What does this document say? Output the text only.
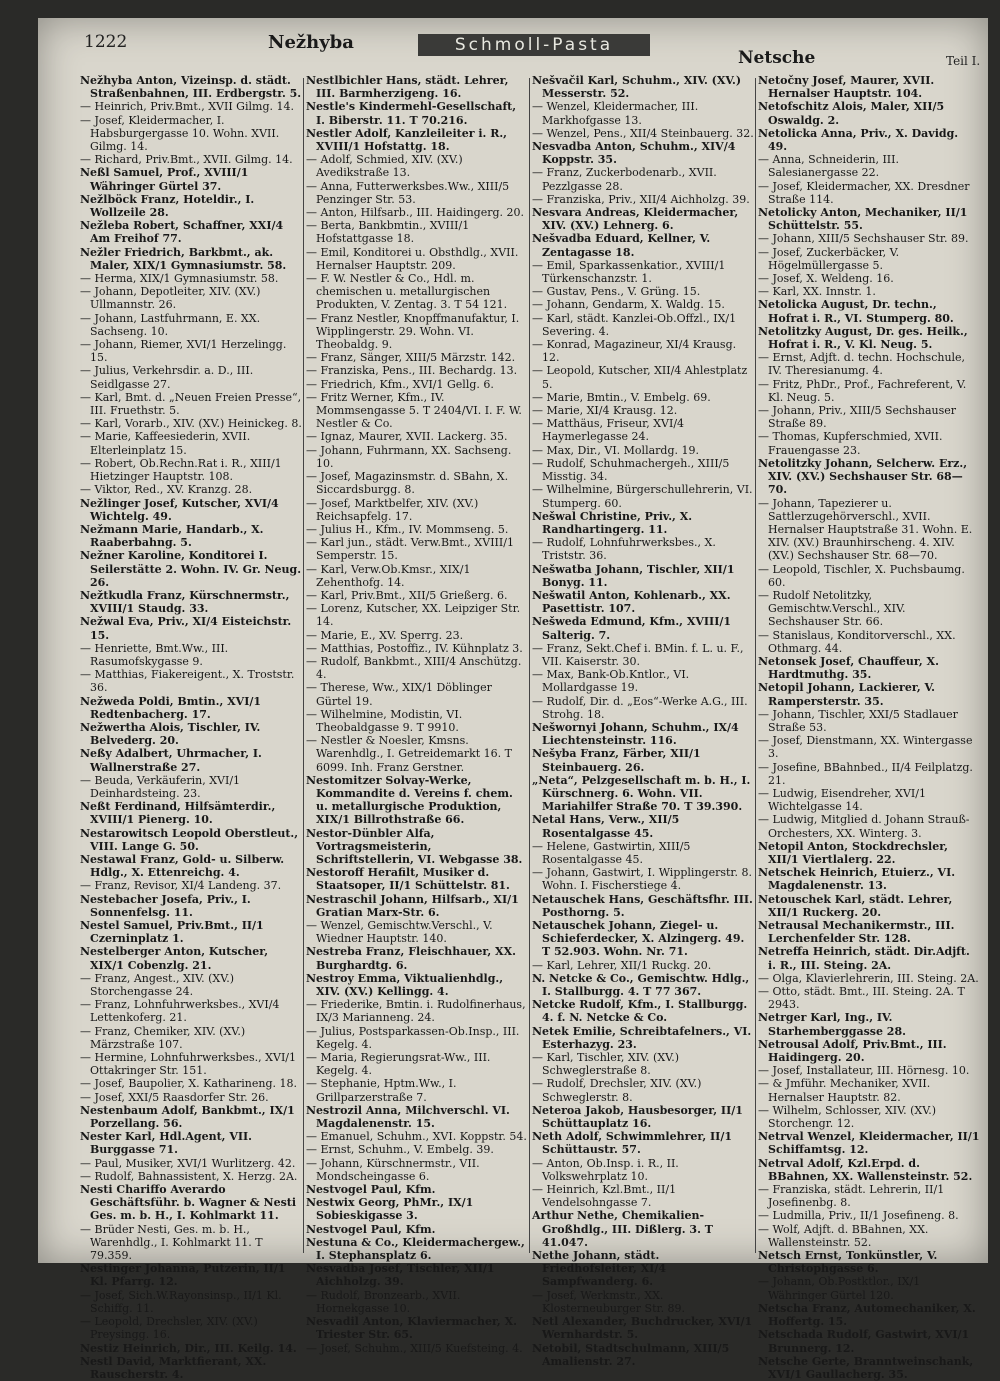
1222	Nežhyba	Schmoll-Pasta
Netsche	Teil I.

Nežhyba Anton, Vizeinsp. d. städt. Straßenbahnen, III. Erdbergstr. 5.

— Heinrich, Priv.Bmt., XVII Gilmg. 14.

— Josef, Kleidermacher, I. Habsburgergasse 10. Wohn. XVII. Gilmg. 14.

— Richard, Priv.Bmt., XVII. Gilmg. 14.

Neßl Samuel, Prof., XVIII/1 Währinger Gürtel 37.

Nežlböck Franz, Hoteldir., I. Wollzeile 28.

Nežleba Robert, Schaffner, XXI/4 Am Freihof 77.

Nežler Friedrich, Barkbmt., ak. Maler, XIX/1 Gymnasiumstr. 58.

— Herma, XIX/1 Gymnasiumstr. 58.

— Johann, Depotleiter, XIV. (XV.) Ullmannstr. 26.

— Johann, Lastfuhrmann, E. XX. Sachseng. 10.

— Johann, Riemer, XVI/1 Herzelingg. 15.

— Julius, Verkehrsdir. a. D., III. Seidlgasse 27.

— Karl, Bmt. d. „Neuen Freien Presse“, III. Fruethstr. 5.

— Karl, Vorarb., XIV. (XV.) Heinickeg. 8.

— Marie, Kaffeesiederin, XVII. Elterleinplatz 15.

— Robert, Ob.Rechn.Rat i. R., XIII/1 Hietzinger Hauptstr. 108.

— Viktor, Red., XV. Kranzg. 28.

Nežlinger Josef, Kutscher, XVI/4 Wichtelg. 49.

Nežmann Marie, Handarb., X. Raaberbahng. 5.

Nežner Karoline, Konditorei I. Seilerstätte 2. Wohn. IV. Gr. Neug. 26.

Nežtkudla Franz, Kürschnermstr., XVIII/1 Staudg. 33.

Nežwal Eva, Priv., XI/4 Eisteichstr. 15.

— Henriette, Bmt.Ww., III. Rasumofskygasse 9.

— Matthias, Fiakereigent., X. Troststr. 36.

Nežweda Poldi, Bmtin., XVI/1 Redtenbacherg. 17.

Nežwertha Alois, Tischler, IV. Belvederg. 20.

Neßy Adalbert, Uhrmacher, I. Wallnerstraße 27.

— Beuda, Verkäuferin, XVI/1 Deinhardsteing. 23.

Neßt Ferdinand, Hilfsämterdir., XVIII/1 Pienerg. 10.

Nestarowitsch Leopold Oberstleut., VIII. Lange G. 50.

Nestawal Franz, Gold- u. Silberw. Hdlg., X. Ettenreichg. 4.

— Franz, Revisor, XI/4 Landeng. 37.

Nestebacher Josefa, Priv., I. Sonnenfelsg. 11.

Nestel Samuel, Priv.Bmt., II/1 Czerninplatz 1.

Nestelberger Anton, Kutscher, XIX/1 Cobenzlg. 21.

— Franz, Angest., XIV. (XV.) Storchengasse 24.

— Franz, Lohnfuhrwerksbes., XVI/4 Lettenkoferg. 21.

— Franz, Chemiker, XIV. (XV.) Märzstraße 107.

— Hermine, Lohnfuhrwerksbes., XVI/1 Ottakringer Str. 151.

— Josef, Baupolier, X. Katharineng. 18.

— Josef, XXI/5 Raasdorfer Str. 26.

Nestenbaum Adolf, Bankbmt., IX/1 Porzellang. 56.

Nester Karl, Hdl.Agent, VII. Burggasse 71.

— Paul, Musiker, XVI/1 Wurlitzerg. 42.

— Rudolf, Bahnassistent, X. Herzg. 2A.

Nesti Chariffo Averardo Geschäftsführ. b. Wagner & Nesti Ges. m. b. H., I. Kohlmarkt 11.

— Brüder Nesti, Ges. m. b. H., Warenhdlg., I. Kohlmarkt 11. T 79.359.

Nestinger Johanna, Putzerin, II/1 Kl. Pfarrg. 12.

— Josef, Sich.W.Rayonsinsp., II/1 Kl. Schiffg. 11.

— Leopold, Drechsler, XIV. (XV.) Preysingg. 16.

Nestiz Heinrich, Dir., III. Keilg. 14.

Nestl David, Marktfierant, XX. Rauscherstr. 4.

Nestlbichler Hans, städt. Lehrer, III. Barmherzigeng. 16.

Nestle's Kindermehl-Gesellschaft, I. Biberstr. 11. T 70.216.

Nestler Adolf, Kanzleileiter i. R., XVIII/1 Hofstattg. 18.

— Adolf, Schmied, XIV. (XV.) Avedikstraße 13.

— Anna, Futterwerksbes.Ww., XIII/5 Penzinger Str. 53.

— Anton, Hilfsarb., III. Haidingerg. 20.

— Berta, Bankbmtin., XVIII/1 Hofstattgasse 18.

— Emil, Konditorei u. Obsthdlg., XVII. Hernalser Hauptstr. 209.

— F. W. Nestler & Co., Hdl. m. chemischen u. metallurgischen Produkten, V. Zentag. 3. T 54 121.

— Franz Nestler, Knopffmanufaktur, I. Wipplingerstr. 29. Wohn. VI. Theobaldg. 9.

— Franz, Sänger, XIII/5 Märzstr. 142.

— Franziska, Pens., III. Bechardg. 13.

— Friedrich, Kfm., XVI/1 Gellg. 6.

— Fritz Werner, Kfm., IV. Mommsengasse 5. T 2404/VI. I. F. W. Nestler & Co.

— Ignaz, Maurer, XVII. Lackerg. 35.

— Johann, Fuhrmann, XX. Sachseng. 10.

— Josef, Magazinsmstr. d. SBahn, X. Siccardsburgg. 8.

— Josef, Marktbelfer, XIV. (XV.) Reichsapfelg. 17.

— Julius H., Kfm., IV. Mommseng. 5.

— Karl jun., städt. Verw.Bmt., XVIII/1 Semperstr. 15.

— Karl, Verw.Ob.Kmsr., XIX/1 Zehenthofg. 14.

— Karl, Priv.Bmt., XII/5 Grießerg. 6.

— Lorenz, Kutscher, XX. Leipziger Str. 14.

— Marie, E., XV. Sperrg. 23.

— Matthias, Postoffiz., IV. Kühnplatz 3.

— Rudolf, Bankbmt., XIII/4 Anschützg. 4.

— Therese, Ww., XIX/1 Döblinger Gürtel 19.

— Wilhelmine, Modistin, VI. Theobaldgasse 9. T 9910.

— Nestler & Noesler, Kmsns. Warenhdlg., I. Getreidemarkt 16. T 6099. Inh. Franz Gerstner.

Nestomitzer Solvay-Werke, Kommandite d. Vereins f. chem. u. metallurgische Produktion, XIX/1 Billrothstraße 66.

Nestor-Dünbler Alfa, Vortragsmeisterin, Schriftstellerin, VI. Webgasse 38.

Nestoroff Herafilt, Musiker d. Staatsoper, II/1 Schüttelstr. 81.

Nestraschil Johann, Hilfsarb., XI/1 Gratian Marx-Str. 6.

— Wenzel, Gemischtw.Verschl., V. Wiedner Hauptstr. 140.

Nestreba Franz, Fleischhauer, XX. Burghardtg. 6.

Nestroy Emma, Viktualienhdlg., XIV. (XV.) Kellingg. 4.

— Friederike, Bmtin. i. Rudolfinerhaus, IX/3 Marianneng. 24.

— Julius, Postsparkassen-Ob.Insp., III. Kegelg. 4.

— Maria, Regierungsrat-Ww., III. Kegelg. 4.

— Stephanie, Hptm.Ww., I. Grillparzerstraße 7.

Nestrozil Anna, Milchverschl. VI. Magdalenenstr. 15.

— Emanuel, Schuhm., XVI. Koppstr. 54.

— Ernst, Schuhm., V. Embelg. 39.

— Johann, Kürschnermstr., VII. Mondscheingasse 6.

Nestvogel Paul, Kfm.

Nestwix Georg, PhMr., IX/1 Sobieskigasse 3.

Nestvogel Paul, Kfm.

Nestuna & Co., Kleidermachergew., I. Stephansplatz 6.

Nesvadba Josef, Tischler, XII/1 Aichholzg. 39.

— Rudolf, Bronzearb., XVII. Hornekgasse 10.

Nesvadil Anton, Klaviermacher, X. Triester Str. 65.

— Josef, Schuhm., XIII/5 Kuefsteing. 4.

Nešvačil Karl, Schuhm., XIV. (XV.) Messerstr. 52.

— Wenzel, Kleidermacher, III. Markhofgasse 13.

— Wenzel, Pens., XII/4 Steinbauerg. 32.

Nesvadba Anton, Schuhm., XIV/4 Koppstr. 35.

— Franz, Zuckerbodenarb., XVII. Pezzlgasse 28.

— Franziska, Priv., XII/4 Aichholzg. 39.

Nesvara Andreas, Kleidermacher, XIV. (XV.) Lehnerg. 6.

Nešvadba Eduard, Kellner, V. Zentagasse 18.

— Emil, Sparkassenkatior., XVIII/1 Türkenschanzstr. 1.

— Gustav, Pens., V. Grüng. 15.

— Johann, Gendarm, X. Waldg. 15.

— Karl, städt. Kanzlei-Ob.Offzl., IX/1 Severing. 4.

— Konrad, Magazineur, XI/4 Krausg. 12.

— Leopold, Kutscher, XII/4 Ahlestplatz 5.

— Marie, Bmtin., V. Embelg. 69.

— Marie, XI/4 Krausg. 12.

— Matthäus, Friseur, XVI/4 Haymerlegasse 24.

— Max, Dir., VI. Mollardg. 19.

— Rudolf, Schuhmachergeh., XIII/5 Misstig. 34.

— Wilhelmine, Bürgerschullehrerin, VI. Stumperg. 60.

Nešwal Christine, Priv., X. Randhartingerg. 11.

— Rudolf, Lohnfuhrwerksbes., X. Triststr. 36.

Nešwatba Johann, Tischler, XII/1 Bonyg. 11.

Nešwatil Anton, Kohlenarb., XX. Pasettistr. 107.

Nešweda Edmund, Kfm., XVIII/1 Salterig. 7.

— Franz, Sekt.Chef i. BMin. f. L. u. F., VII. Kaiserstr. 30.

— Max, Bank-Ob.Kntlor., VI. Mollardgasse 19.

— Rudolf, Dir. d. „Eos“-Werke A.G., III. Strohg. 18.

Nešwornyi Johann, Schuhm., IX/4 Liechtensteinstr. 116.

Nešyba Franz, Färber, XII/1 Steinbauerg. 26.

„Neta“, Pelzgesellschaft m. b. H., I. Kürschnerg. 6. Wohn. VII. Mariahilfer Straße 70. T 39.390.

Netal Hans, Verw., XII/5 Rosentalgasse 45.

— Helene, Gastwirtin, XIII/5 Rosentalgasse 45.

— Johann, Gastwirt, I. Wipplingerstr. 8. Wohn. I. Fischerstiege 4.

Netauschek Hans, Geschäftsfhr. III. Posthorng. 5.

Netauschek Johann, Ziegel- u. Schieferdecker, X. Alzingerg. 49. T 52.903. Wohn. Nr. 71.

— Karl, Lehrer, XII/1 Ruckg. 20.

N. Netcke & Co., Gemischtw. Hdlg., I. Stallburgg. 4. T 77 367.

Netcke Rudolf, Kfm., I. Stallburgg. 4. f. N. Netcke & Co.

Netek Emilie, Schreibtafelners., VI. Esterhazyg. 23.

— Karl, Tischler, XIV. (XV.) Schweglerstraße 8.

— Rudolf, Drechsler, XIV. (XV.) Schweglerstr. 8.

Neteroa Jakob, Hausbesorger, II/1 Schüttauplatz 16.

Neth Adolf, Schwimmlehrer, II/1 Schüttaustr. 57.

— Anton, Ob.Insp. i. R., II. Volkswehrplatz 10.

— Heinrich, Kzl.Bmt., II/1 Vendelsohngasse 7.

Arthur Nethe, Chemikalien-Großhdlg., III. Dißlerg. 3. T 41.047.

Nethe Johann, städt. Friedhofsleiter, XI/4 Sampfwanderg. 6.

— Josef, Werkmstr., XX. Klosterneuburger Str. 89.

Netl Alexander, Buchdrucker, XVI/1 Wernhardstr. 5.

Netobil, Stadtschulmann, XIII/5 Amalienstr. 27.

Netočny Josef, Maurer, XVII. Hernalser Hauptstr. 104.

Netofschitz Alois, Maler, XII/5 Oswaldg. 2.

Netolicka Anna, Priv., X. Davidg. 49.

— Anna, Schneiderin, III. Salesianergasse 22.

— Josef, Kleidermacher, XX. Dresdner Straße 114.

Netolicky Anton, Mechaniker, II/1 Schüttelstr. 55.

— Johann, XIII/5 Sechshauser Str. 89.

— Josef, Zuckerbäcker, V. Högelmüllergasse 5.

— Josef, X. Weldeng. 16.

— Karl, XX. Innstr. 1.

Netolicka August, Dr. techn., Hofrat i. R., VI. Stumperg. 80.

Netolitzky August, Dr. ges. Heilk., Hofrat i. R., V. Kl. Neug. 5.

— Ernst, Adjft. d. techn. Hochschule, IV. Theresianumg. 4.

— Fritz, PhDr., Prof., Fachreferent, V. Kl. Neug. 5.

— Johann, Priv., XIII/5 Sechshauser Straße 89.

— Thomas, Kupferschmied, XVII. Frauengasse 23.

Netolitzky Johann, Selcherw. Erz., XIV. (XV.) Sechshauser Str. 68—70.

— Johann, Tapezierer u. Sattlerzugehörverschl., XVII. Hernalser Hauptstraße 31. Wohn. E. XIV. (XV.) Braunhirscheng. 4. XIV. (XV.) Sechshauser Str. 68—70.

— Leopold, Tischler, X. Puchsbaumg. 60.

— Rudolf Netolitzky, Gemischtw.Verschl., XIV. Sechshauser Str. 66.

— Stanislaus, Konditorverschl., XX. Othmarg. 44.

Netonsek Josef, Chauffeur, X. Hardtmuthg. 35.

Netopil Johann, Lackierer, V. Rampersterstr. 35.

— Johann, Tischler, XXI/5 Stadlauer Straße 53.

— Josef, Dienstmann, XX. Wintergasse 3.

— Josefine, BBahnbed., II/4 Feilplatzg. 21.

— Ludwig, Eisendreher, XVI/1 Wichtelgasse 14.

— Ludwig, Mitglied d. Johann Strauß-Orchesters, XX. Winterg. 3.

Netopil Anton, Stockdrechsler, XII/1 Viertlalerg. 22.

Netschek Heinrich, Etuierz., VI. Magdalenenstr. 13.

Netouschek Karl, städt. Lehrer, XII/1 Ruckerg. 20.

Netrausal Mechanikermstr., III. Lerchenfelder Str. 128.

Netreffa Heinrich, städt. Dir.Adjft. i. R., III. Steing. 2A.

— Olga, Klavierlehrerin, III. Steing. 2A.

— Otto, städt. Bmt., III. Steing. 2A. T 2943.

Netrger Karl, Ing., IV. Starhemberggasse 28.

Netrousal Adolf, Priv.Bmt., III. Haidingerg. 20.

— Josef, Installateur, III. Hörnesg. 10.

— & Jmführ. Mechaniker, XVII. Hernalser Hauptstr. 82.

— Wilhelm, Schlosser, XIV. (XV.) Storchengr. 12.

Netrval Wenzel, Kleidermacher, II/1 Schiffamtsg. 12.

Netrval Adolf, Kzl.Erpd. d. BBahnen, XX. Wallensteinstr. 52.

— Franziska, städt. Lehrerin, II/1 Josefinenbg. 8.

— Ludmilla, Priv., II/1 Josefineng. 8.

— Wolf, Adjft. d. BBahnen, XX. Wallensteinstr. 52.

Netsch Ernst, Tonkünstler, V. Christophgasse 6.

— Johann, Ob.Postktlor., IX/1 Währinger Gürtel 120.

Netscha Franz, Automechaniker, X. Hoffertg. 15.

Netschada Rudolf, Gastwirt, XVI/1 Brunnerg. 12.

Netsche Gerte, Branntweinschank, XVI/1 Gaullacherg. 35.
